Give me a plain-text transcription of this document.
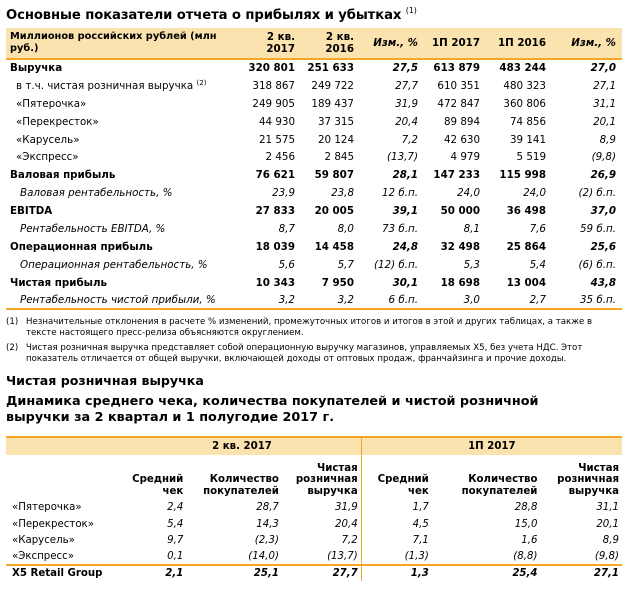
Основные показатели отчета о прибылях и убытках $^{(1)}$
Миллионов российских рублей (млн руб.)	2 кв. 2017	2 кв. 2016	Изм., %	1П 2017	1П 2016	Изм., %
Выручка	320 801	251 633	27,5	613 879	483 244	27,0
в т.ч. чистая розничная выручка $^{(2)}$	318 867	249 722	27,7	610 351	480 323	27,1
«Пятерочка»	249 905	189 437	31,9	472 847	360 806	31,1
«Перекресток»	44 930	37 315	20,4	89 894	74 856	20,1
«Карусель»	21 575	20 124	7,2	42 630	39 141	8,9
«Экспресс»	2 456	2 845	(13,7)	4 979	5 519	(9,8)
Валовая прибыль	76 621	59 807	28,1	147 233	115 998	26,9
Валовая рентабельность, %	23,9	23,8	12 б.п.	24,0	24,0	(2) б.п.
EBITDA	27 833	20 005	39,1	50 000	36 498	37,0
Рентабельность EBITDA, %	8,7	8,0	73 б.п.	8,1	7,6	59 б.п.
Операционная прибыль	18 039	14 458	24,8	32 498	25 864	25,6
Операционная рентабельность, %	5,6	5,7	(12) б.п.	5,3	5,4	(6) б.п.
Чистая прибыль	10 343	7 950	30,1	18 698	13 004	43,8
Рентабельность чистой прибыли, %	3,2	3,2	6 б.п.	3,0	2,7	35 б.п.
(1) Незначительные отклонения в расчете % изменений, промежуточных итогов и итогов в этой и других таблицах, а также в тексте настоящего пресс-релиза объясняются округлением.
(2) Чистая розничная выручка представляет собой операционную выручку магазинов, управляемых X5, без учета НДС. Этот показатель отличается от общей выручки, включающей доходы от оптовых продаж, франчайзинга и прочие доходы.
Чистая розничная выручка
Динамика среднего чека, количества покупателей и чистой розничной выручки за 2 квартал и 1 полугодие 2017 г.
	2 кв. 2017			1П 2017		
	Средний чек	Количество покупателей	Чистая розничная выручка	Средний чек	Количество покупателей	Чистая розничная выручка
«Пятерочка»	2,4	28,7	31,9	1,7	28,8	31,1
«Перекресток»	5,4	14,3	20,4	4,5	15,0	20,1
«Карусель»	9,7	(2,3)	7,2	7,1	1,6	8,9
«Экспресс»	0,1	(14,0)	(13,7)	(1,3)	(8,8)	(9,8)
X5 Retail Group	2,1	25,1	27,7	1,3	25,4	27,1
